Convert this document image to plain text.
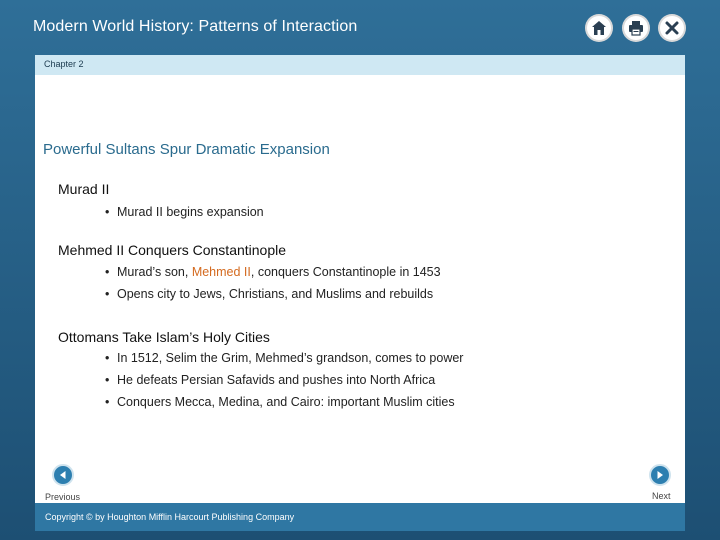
Modern World History: Patterns of Interaction
Chapter 2
Powerful Sultans Spur Dramatic Expansion
Murad II
• Murad II begins expansion
Mehmed II Conquers Constantinople
• Murad’s son, Mehmed II, conquers Constantinople in 1453
• Opens city to Jews, Christians, and Muslims and rebuilds
Ottomans Take Islam’s Holy Cities
• In 1512, Selim the Grim, Mehmed’s grandson, comes to power
• He defeats Persian Safavids and pushes into North Africa
• Conquers Mecca, Medina, and Cairo: important Muslim cities
Previous	Next
Copyright © by Houghton Mifflin Harcourt Publishing Company
